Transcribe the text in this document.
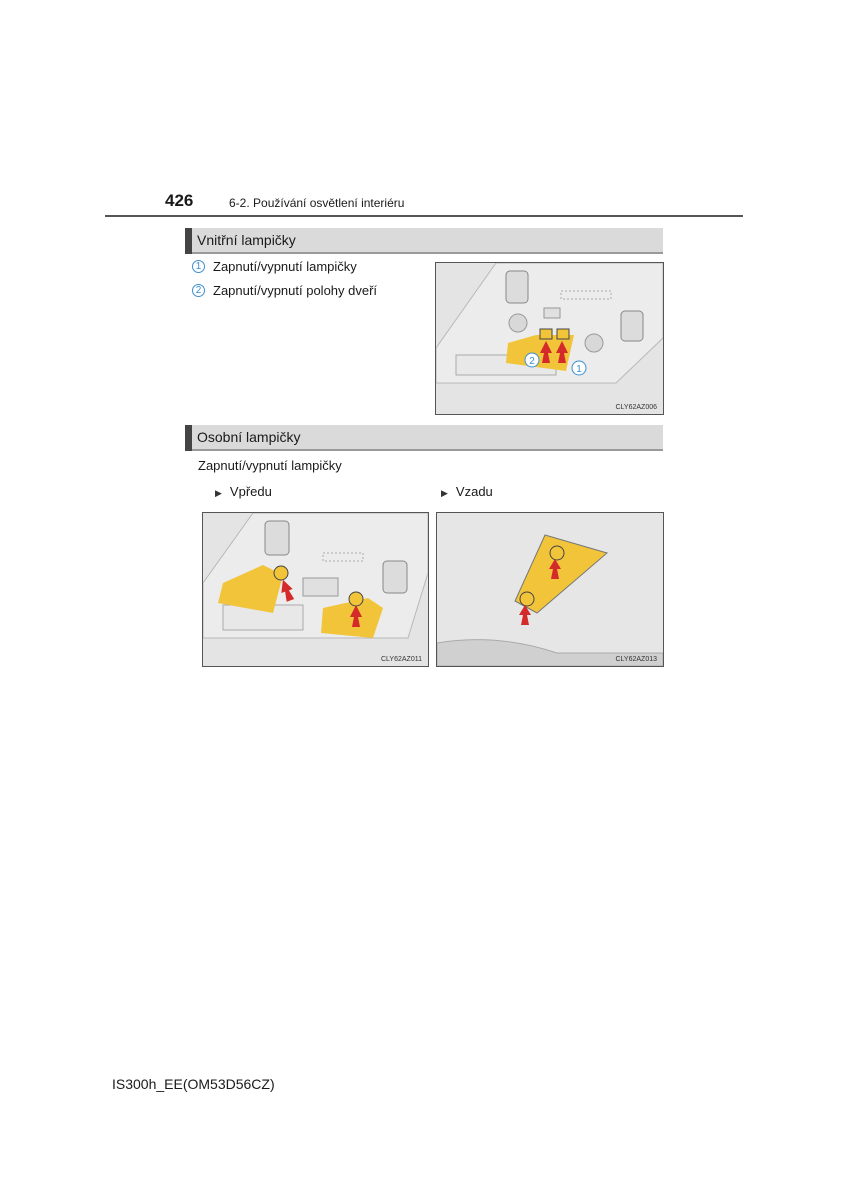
426	6-2. Používání osvětlení interiéru
Vnitřní lampičky
1 Zapnutí/vypnutí lampičky
2 Zapnutí/vypnutí polohy dveří
2
1
CLY62AZ006
Osobní lampičky
Zapnutí/vypnutí lampičky
▶ Vpředu	▶ Vzadu
CLY62AZ011	CLY62AZ013
IS300h_EE(OM53D56CZ)
